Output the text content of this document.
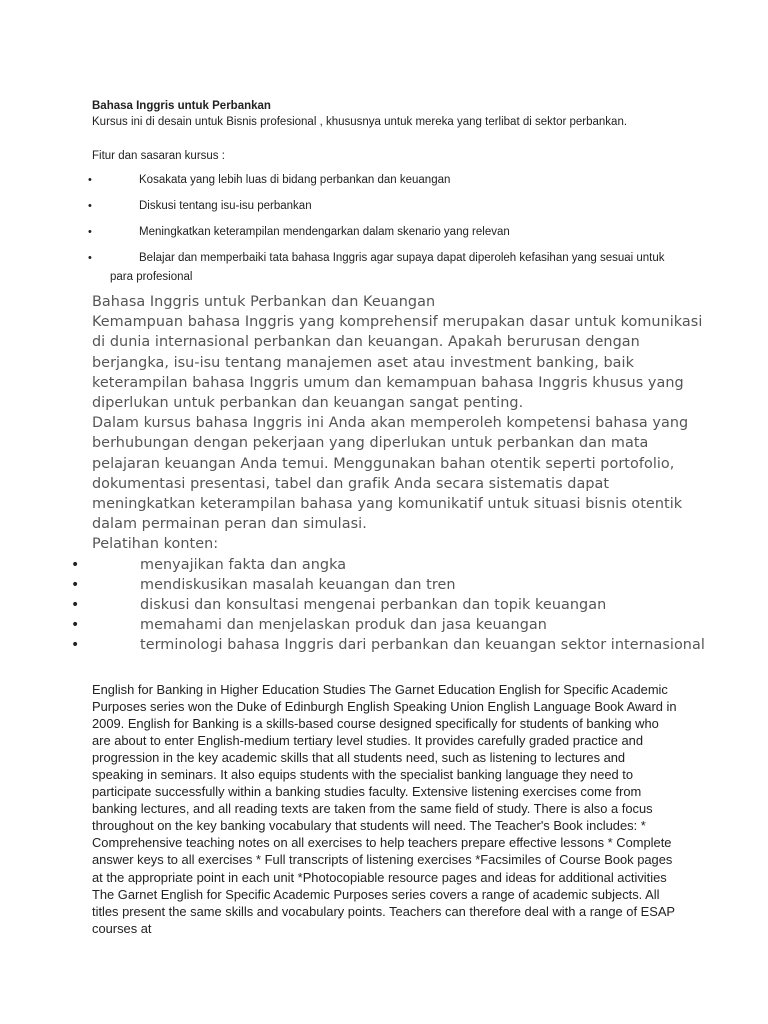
Bahasa Inggris untuk Perbankan

Kursus ini di desain untuk Bisnis profesional , khususnya untuk mereka yang terlibat di sektor perbankan.

Fitur dan sasaran kursus :

•	Kosakata yang lebih luas di bidang perbankan dan keuangan
•	Diskusi tentang isu-isu perbankan
•	Meningkatkan keterampilan mendengarkan dalam skenario yang relevan
•	Belajar dan memperbaiki tata bahasa Inggris agar supaya dapat diperoleh kefasihan yang sesuai untuk
para profesional

Bahasa Inggris untuk Perbankan dan Keuangan

Kemampuan bahasa Inggris yang komprehensif merupakan dasar untuk komunikasi di dunia internasional perbankan dan keuangan. Apakah berurusan dengan berjangka, isu-isu tentang manajemen aset atau investment banking, baik keterampilan bahasa Inggris umum dan kemampuan bahasa Inggris khusus yang diperlukan untuk perbankan dan keuangan sangat penting.

Dalam kursus bahasa Inggris ini Anda akan memperoleh kompetensi bahasa yang berhubungan dengan pekerjaan yang diperlukan untuk perbankan dan mata pelajaran keuangan Anda temui. Menggunakan bahan otentik seperti portofolio, dokumentasi presentasi, tabel dan grafik Anda secara sistematis dapat meningkatkan keterampilan bahasa yang komunikatif untuk situasi bisnis otentik dalam permainan peran dan simulasi.

Pelatihan konten:

•	menyajikan fakta dan angka
•	mendiskusikan masalah keuangan dan tren
•	diskusi dan konsultasi mengenai perbankan dan topik keuangan
•	memahami dan menjelaskan produk dan jasa keuangan
•	terminologi bahasa Inggris dari perbankan dan keuangan sektor internasional

English for Banking in Higher Education Studies The Garnet Education English for Specific Academic Purposes series won the Duke of Edinburgh English Speaking Union English Language Book Award in 2009. English for Banking is a skills-based course designed specifically for students of banking who are about to enter English-medium tertiary level studies. It provides carefully graded practice and progression in the key academic skills that all students need, such as listening to lectures and speaking in seminars. It also equips students with the specialist banking language they need to participate successfully within a banking studies faculty. Extensive listening exercises come from banking lectures, and all reading texts are taken from the same field of study. There is also a focus throughout on the key banking vocabulary that students will need. The Teacher's Book includes: * Comprehensive teaching notes on all exercises to help teachers prepare effective lessons * Complete answer keys to all exercises * Full transcripts of listening exercises *Facsimiles of Course Book pages at the appropriate point in each unit *Photocopiable resource pages and ideas for additional activities The Garnet English for Specific Academic Purposes series covers a range of academic subjects. All titles present the same skills and vocabulary points. Teachers can therefore deal with a range of ESAP courses at
